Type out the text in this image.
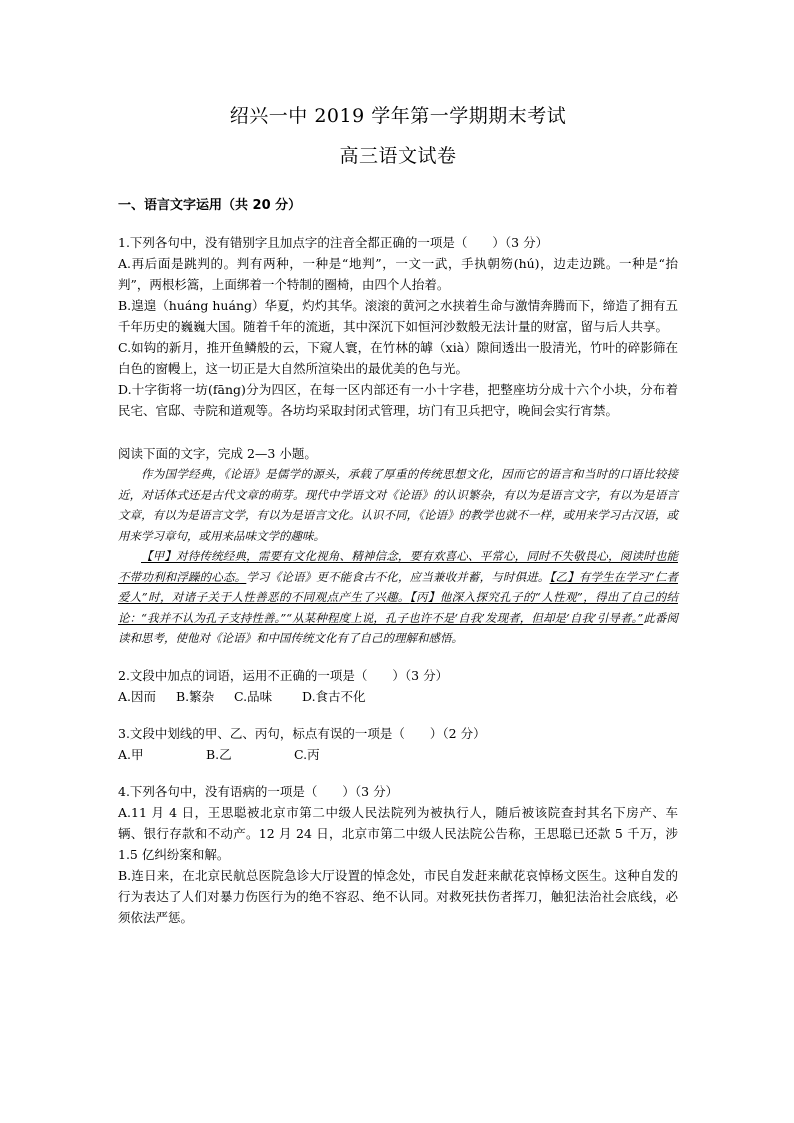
绍兴一中 2019 学年第一学期期末考试
高三语文试卷
一、语言文字运用（共 20 分）
1.下列各句中，没有错别字且加点字的注音全都正确的一项是（　　）（3 分）
A.再后面是跳判的。判有两种，一种是“地判”，一文一武，手执朝笏(hú)，边走边跳。一种是“抬判”，两根杉篙，上面绑着一个特制的圈椅，由四个人抬着。
B.遑遑（huáng huáng）华夏，灼灼其华。滚滚的黄河之水挟着生命与激情奔腾而下，缔造了拥有五千年历史的巍巍大国。随着千年的流逝，其中深沉下如恒河沙数般无法计量的财富，留与后人共享。
C.如钩的新月，推开鱼鳞般的云，下窥人寰，在竹林的罅（xià）隙间透出一股清光，竹叶的碎影筛在白色的窗幔上，这一切正是大自然所渲染出的最优美的色与光。
D.十字街将一坊(fāng)分为四区，在每一区内部还有一小十字巷，把整座坊分成十六个小块，分布着民宅、官邸、寺院和道观等。各坊均采取封闭式管理，坊门有卫兵把守，晚间会实行宵禁。
阅读下面的文字，完成 2—3 小题。
作为国学经典，《论语》是儒学的源头，承载了厚重的传统思想文化，因而它的语言和当时的口语比较接近，对话体式还是古代文章的萌芽。现代中学语文对《论语》的认识繁杂，有以为是语言文字，有以为是语言文章，有以为是语言文学，有以为是语言文化。认识不同，《论语》的教学也就不一样，或用来学习古汉语，或用来学习章句，或用来品味文学的趣味。
【甲】对待传统经典，需要有文化视角、精神信念，要有欢喜心、平常心，同时不失敬畏心，阅读时也能不带功利和浮躁的心态。学习《论语》更不能食古不化，应当兼收并蓄，与时俱进。【乙】有学生在学习“仁者爱人”时，对诸子关于人性善恶的不同观点产生了兴趣。【丙】他深入探究孔子的“人性观”，得出了自己的结论：“我并不认为孔子支持性善。”“从某种程度上说，孔子也许不是‘自我’发现者，但却是‘自我’引导者。”此番阅读和思考，使他对《论语》和中国传统文化有了自己的理解和感悟。
2.文段中加点的词语，运用不正确的一项是（　　）（3 分）
A.因而 B.繁杂 C.品味 D.食古不化
3.文段中划线的甲、乙、丙句，标点有误的一项是（　　）（2 分）
A.甲	B.乙	C.丙
4.下列各句中，没有语病的一项是（　　）（3 分）
A.11 月 4 日，王思聪被北京市第二中级人民法院列为被执行人，随后被该院查封其名下房产、车辆、银行存款和不动产。12 月 24 日，北京市第二中级人民法院公告称，王思聪已还款 5 千万，涉 1.5 亿纠纷案和解。
B.连日来，在北京民航总医院急诊大厅设置的悼念处，市民自发赶来献花哀悼杨文医生。这种自发的行为表达了人们对暴力伤医行为的绝不容忍、绝不认同。对救死扶伤者挥刀，触犯法治社会底线，必须依法严惩。
